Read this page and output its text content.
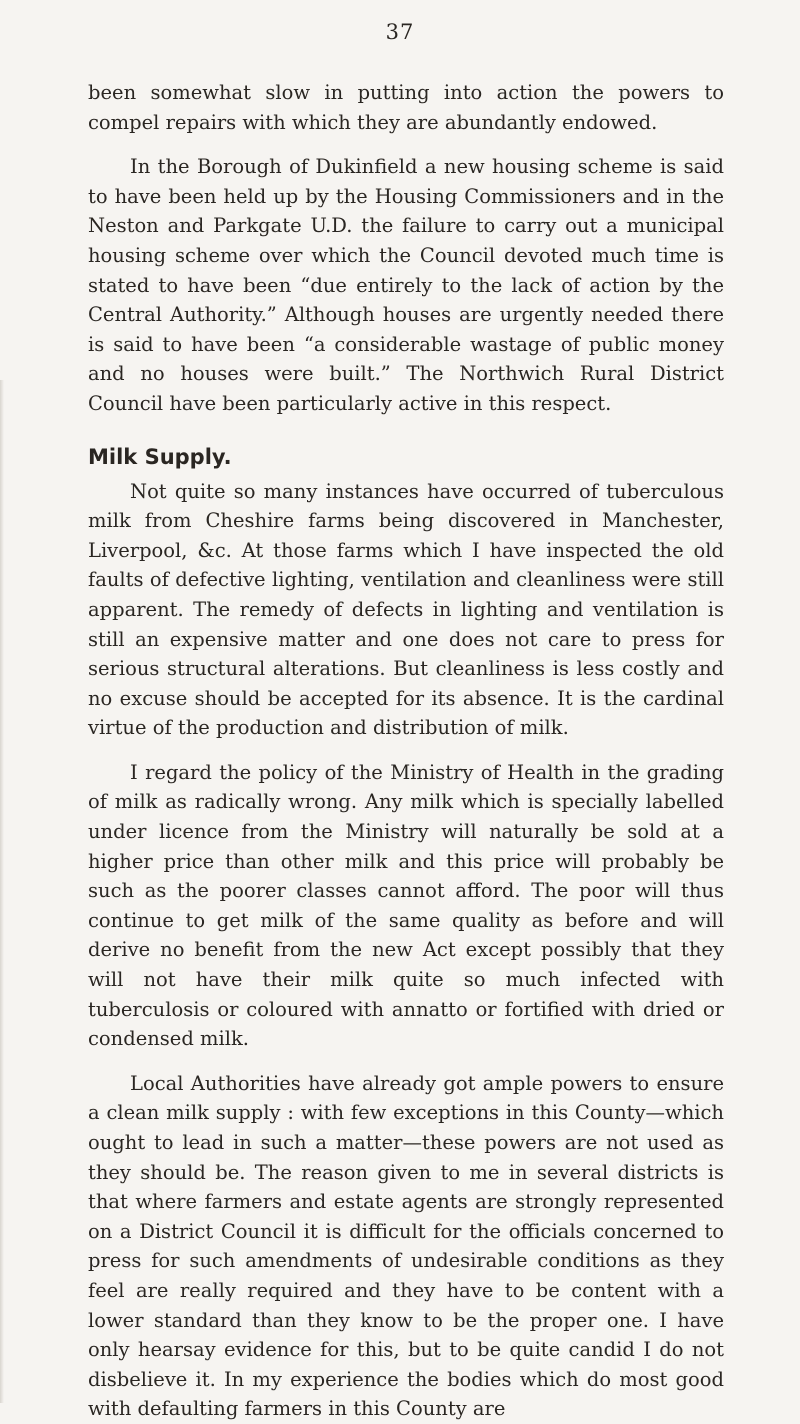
37

been somewhat slow in putting into action the powers to compel repairs with which they are abundantly endowed.

In the Borough of Dukinfield a new housing scheme is said to have been held up by the Housing Commissioners and in the Neston and Parkgate U.D. the failure to carry out a municipal housing scheme over which the Council devoted much time is stated to have been “due entirely to the lack of action by the Central Authority.” Although houses are urgently needed there is said to have been “a considerable wastage of public money and no houses were built.” The Northwich Rural District Council have been particularly active in this respect.

Milk Supply.

Not quite so many instances have occurred of tuberculous milk from Cheshire farms being discovered in Manchester, Liverpool, &c. At those farms which I have inspected the old faults of defective lighting, ventilation and cleanliness were still apparent. The remedy of defects in lighting and ventilation is still an expensive matter and one does not care to press for serious structural alterations. But cleanliness is less costly and no excuse should be accepted for its absence. It is the cardinal virtue of the production and distribution of milk.

I regard the policy of the Ministry of Health in the grading of milk as radically wrong. Any milk which is specially labelled under licence from the Ministry will naturally be sold at a higher price than other milk and this price will probably be such as the poorer classes cannot afford. The poor will thus continue to get milk of the same quality as before and will derive no benefit from the new Act except possibly that they will not have their milk quite so much infected with tuberculosis or coloured with annatto or fortified with dried or condensed milk.

Local Authorities have already got ample powers to ensure a clean milk supply : with few exceptions in this County—which ought to lead in such a matter—these powers are not used as they should be. The reason given to me in several districts is that where farmers and estate agents are strongly represented on a District Council it is difficult for the officials concerned to press for such amendments of undesirable conditions as they feel are really required and they have to be content with a lower standard than they know to be the proper one. I have only hearsay evidence for this, but to be quite candid I do not disbelieve it. In my experience the bodies which do most good with defaulting farmers in this County are
